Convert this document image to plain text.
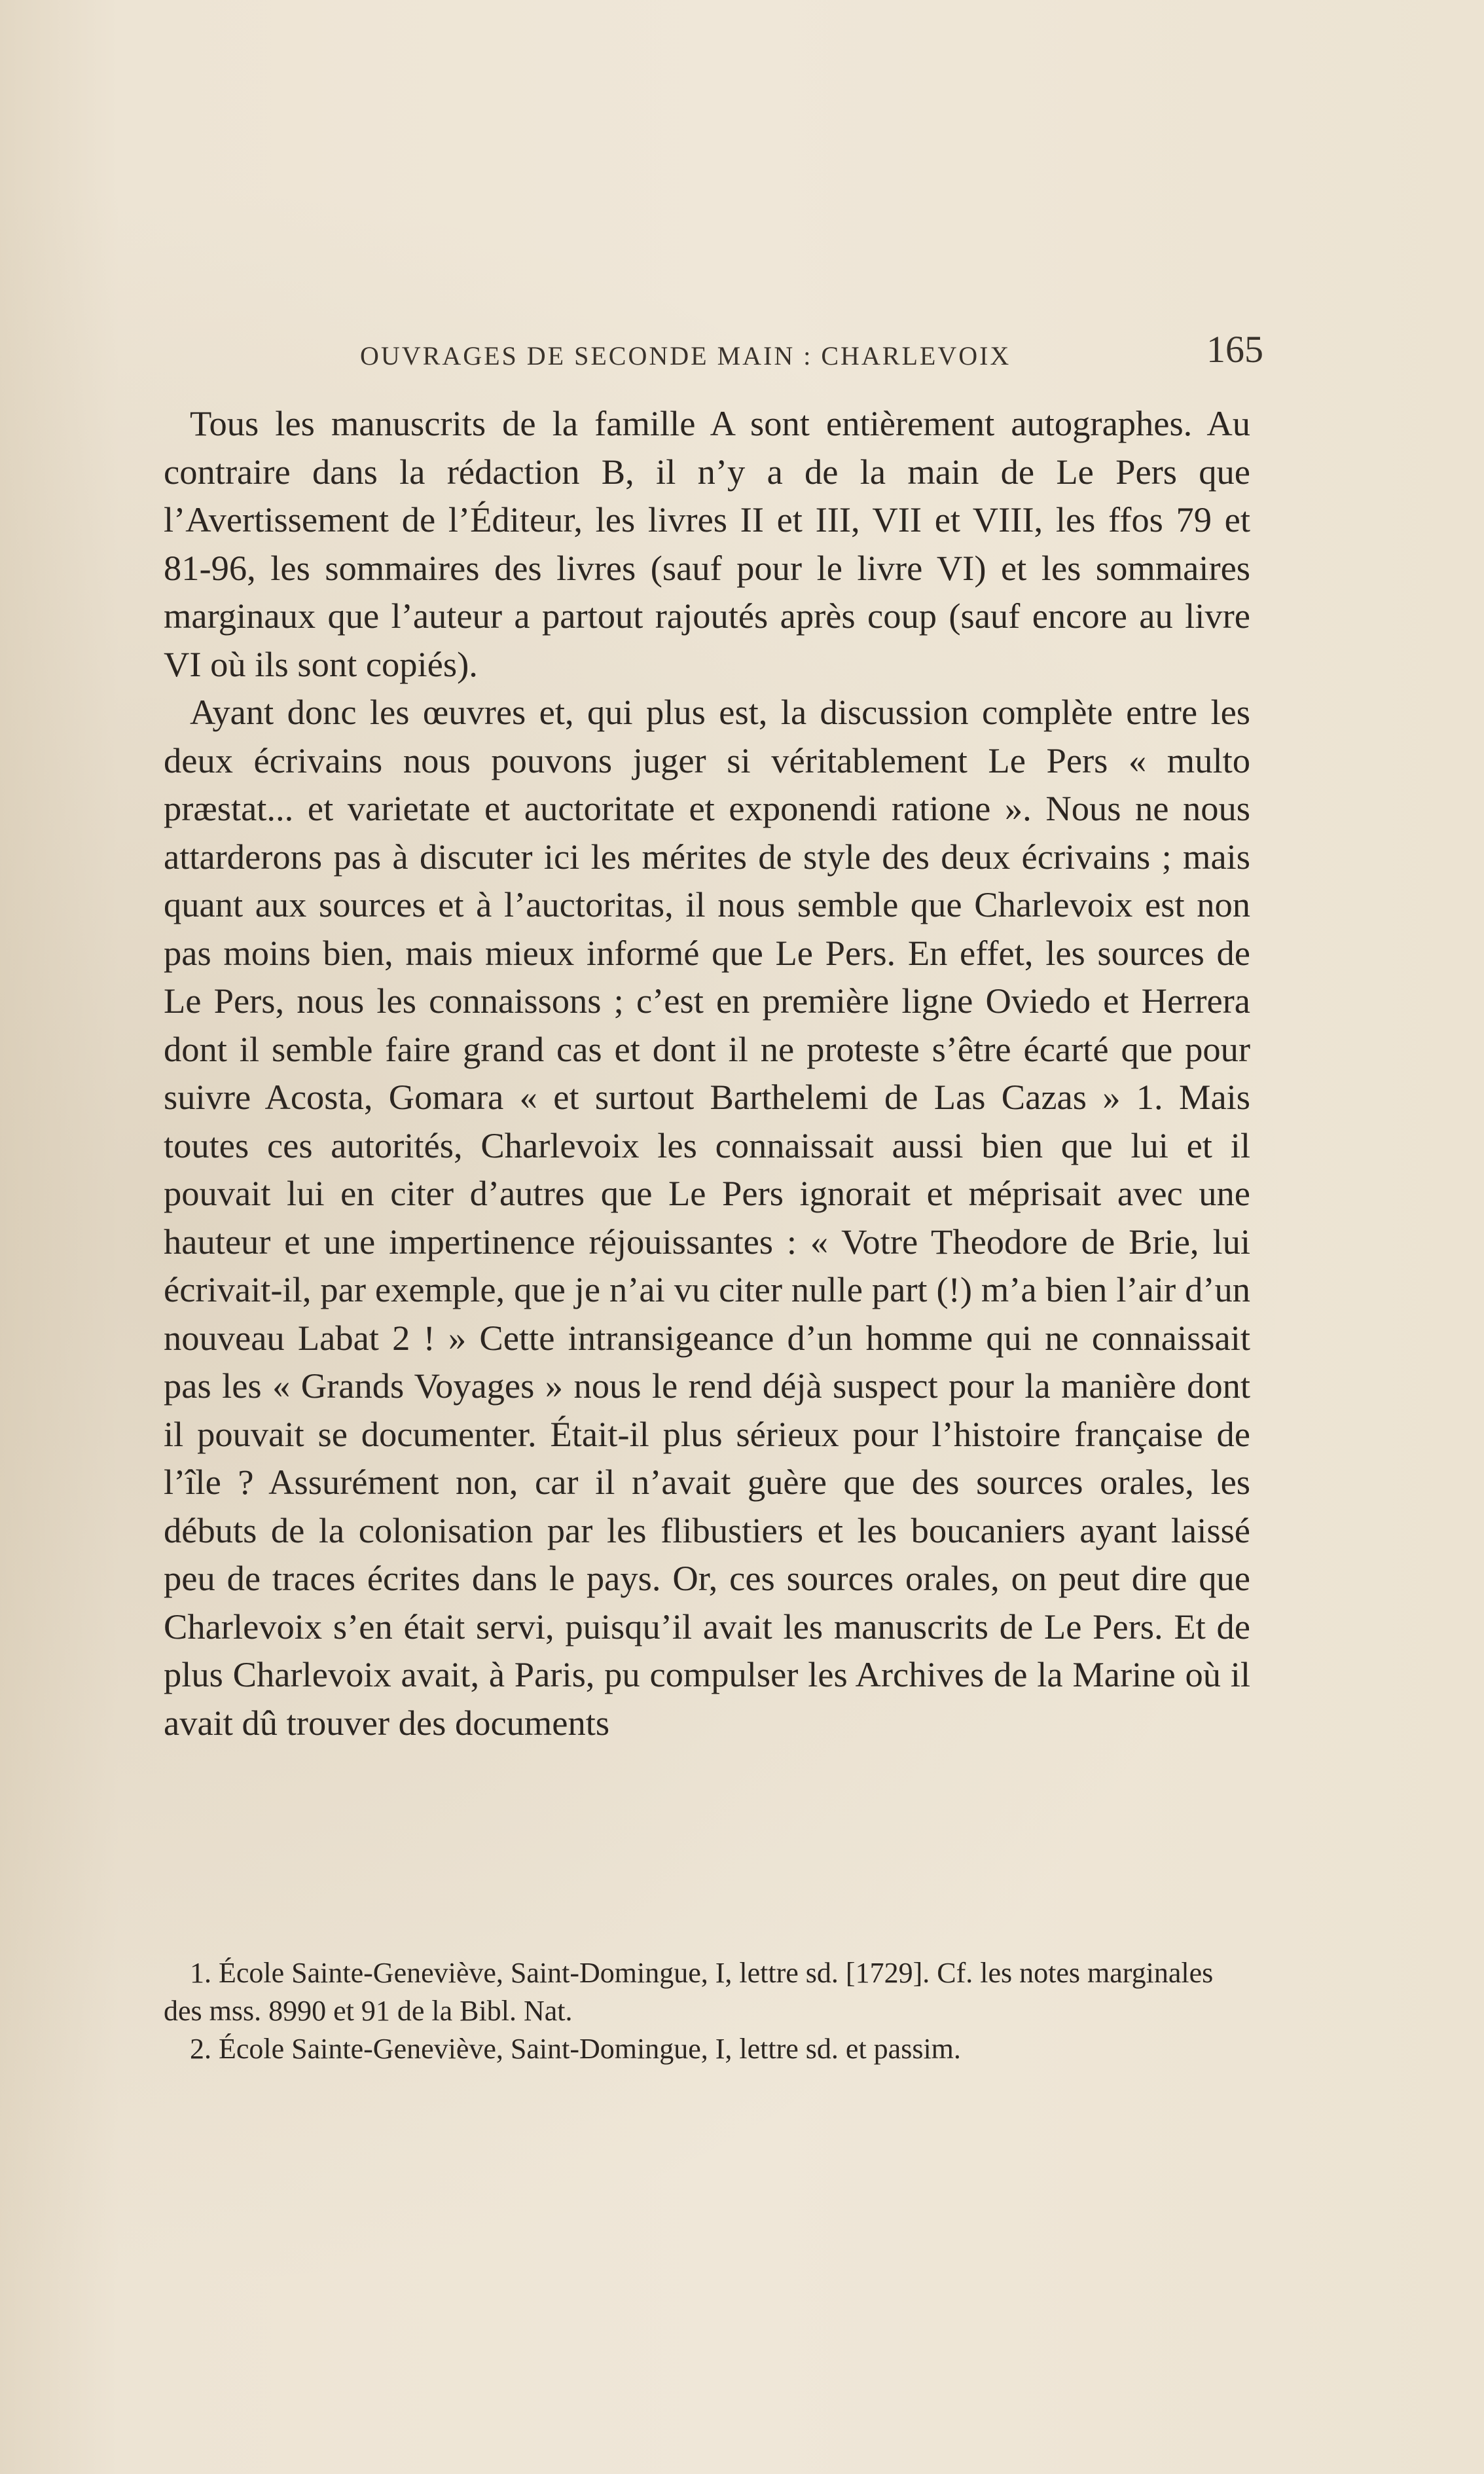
OUVRAGES DE SECONDE MAIN : CHARLEVOIX	165

Tous les manuscrits de la famille A sont entièrement autographes. Au contraire dans la rédaction B, il n’y a de la main de Le Pers que l’Avertissement de l’Éditeur, les livres II et III, VII et VIII, les ffos 79 et 81-96, les sommaires des livres (sauf pour le livre VI) et les sommaires marginaux que l’auteur a partout rajoutés après coup (sauf encore au livre VI où ils sont copiés).

Ayant donc les œuvres et, qui plus est, la discussion complète entre les deux écrivains nous pouvons juger si véritablement Le Pers « multo præstat... et varietate et auctoritate et exponendi ratione ». Nous ne nous attarderons pas à discuter ici les mérites de style des deux écrivains ; mais quant aux sources et à l’auctoritas, il nous semble que Charlevoix est non pas moins bien, mais mieux informé que Le Pers. En effet, les sources de Le Pers, nous les connaissons ; c’est en première ligne Oviedo et Herrera dont il semble faire grand cas et dont il ne proteste s’être écarté que pour suivre Acosta, Gomara « et surtout Barthelemi de Las Cazas » 1. Mais toutes ces autorités, Charlevoix les connaissait aussi bien que lui et il pouvait lui en citer d’autres que Le Pers ignorait et méprisait avec une hauteur et une impertinence réjouissantes : « Votre Theodore de Brie, lui écrivait-il, par exemple, que je n’ai vu citer nulle part (!) m’a bien l’air d’un nouveau Labat 2 ! » Cette intransigeance d’un homme qui ne connaissait pas les « Grands Voyages » nous le rend déjà suspect pour la manière dont il pouvait se documenter. Était-il plus sérieux pour l’histoire française de l’île ? Assurément non, car il n’avait guère que des sources orales, les débuts de la colonisation par les flibustiers et les boucaniers ayant laissé peu de traces écrites dans le pays. Or, ces sources orales, on peut dire que Charlevoix s’en était servi, puisqu’il avait les manuscrits de Le Pers. Et de plus Charlevoix avait, à Paris, pu compulser les Archives de la Marine où il avait dû trouver des documents

1. École Sainte-Geneviève, Saint-Domingue, I, lettre sd. [1729]. Cf. les notes marginales des mss. 8990 et 91 de la Bibl. Nat.

2. École Sainte-Geneviève, Saint-Domingue, I, lettre sd. et passim.
